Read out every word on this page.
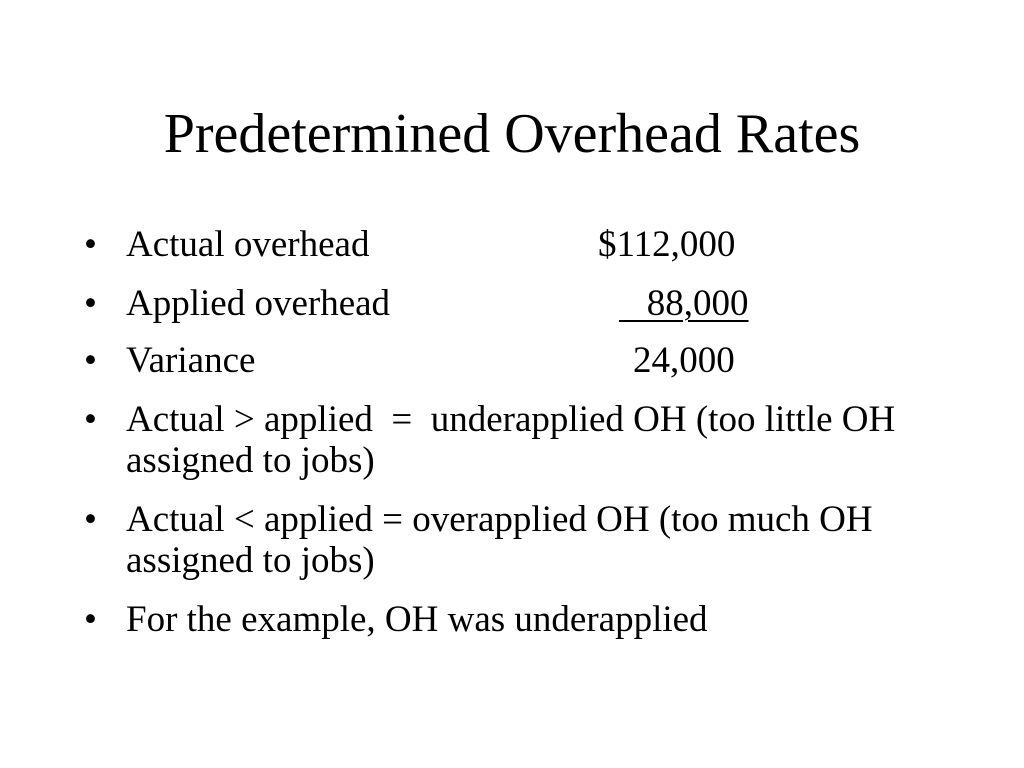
Predetermined Overhead Rates
• Actual overhead	$112,000
• Applied overhead	88,000
• Variance	24,000
• Actual > applied  =  underapplied OH (too little OH assigned to jobs)
• Actual < applied = overapplied OH (too much OH assigned to jobs)
• For the example, OH was underapplied
